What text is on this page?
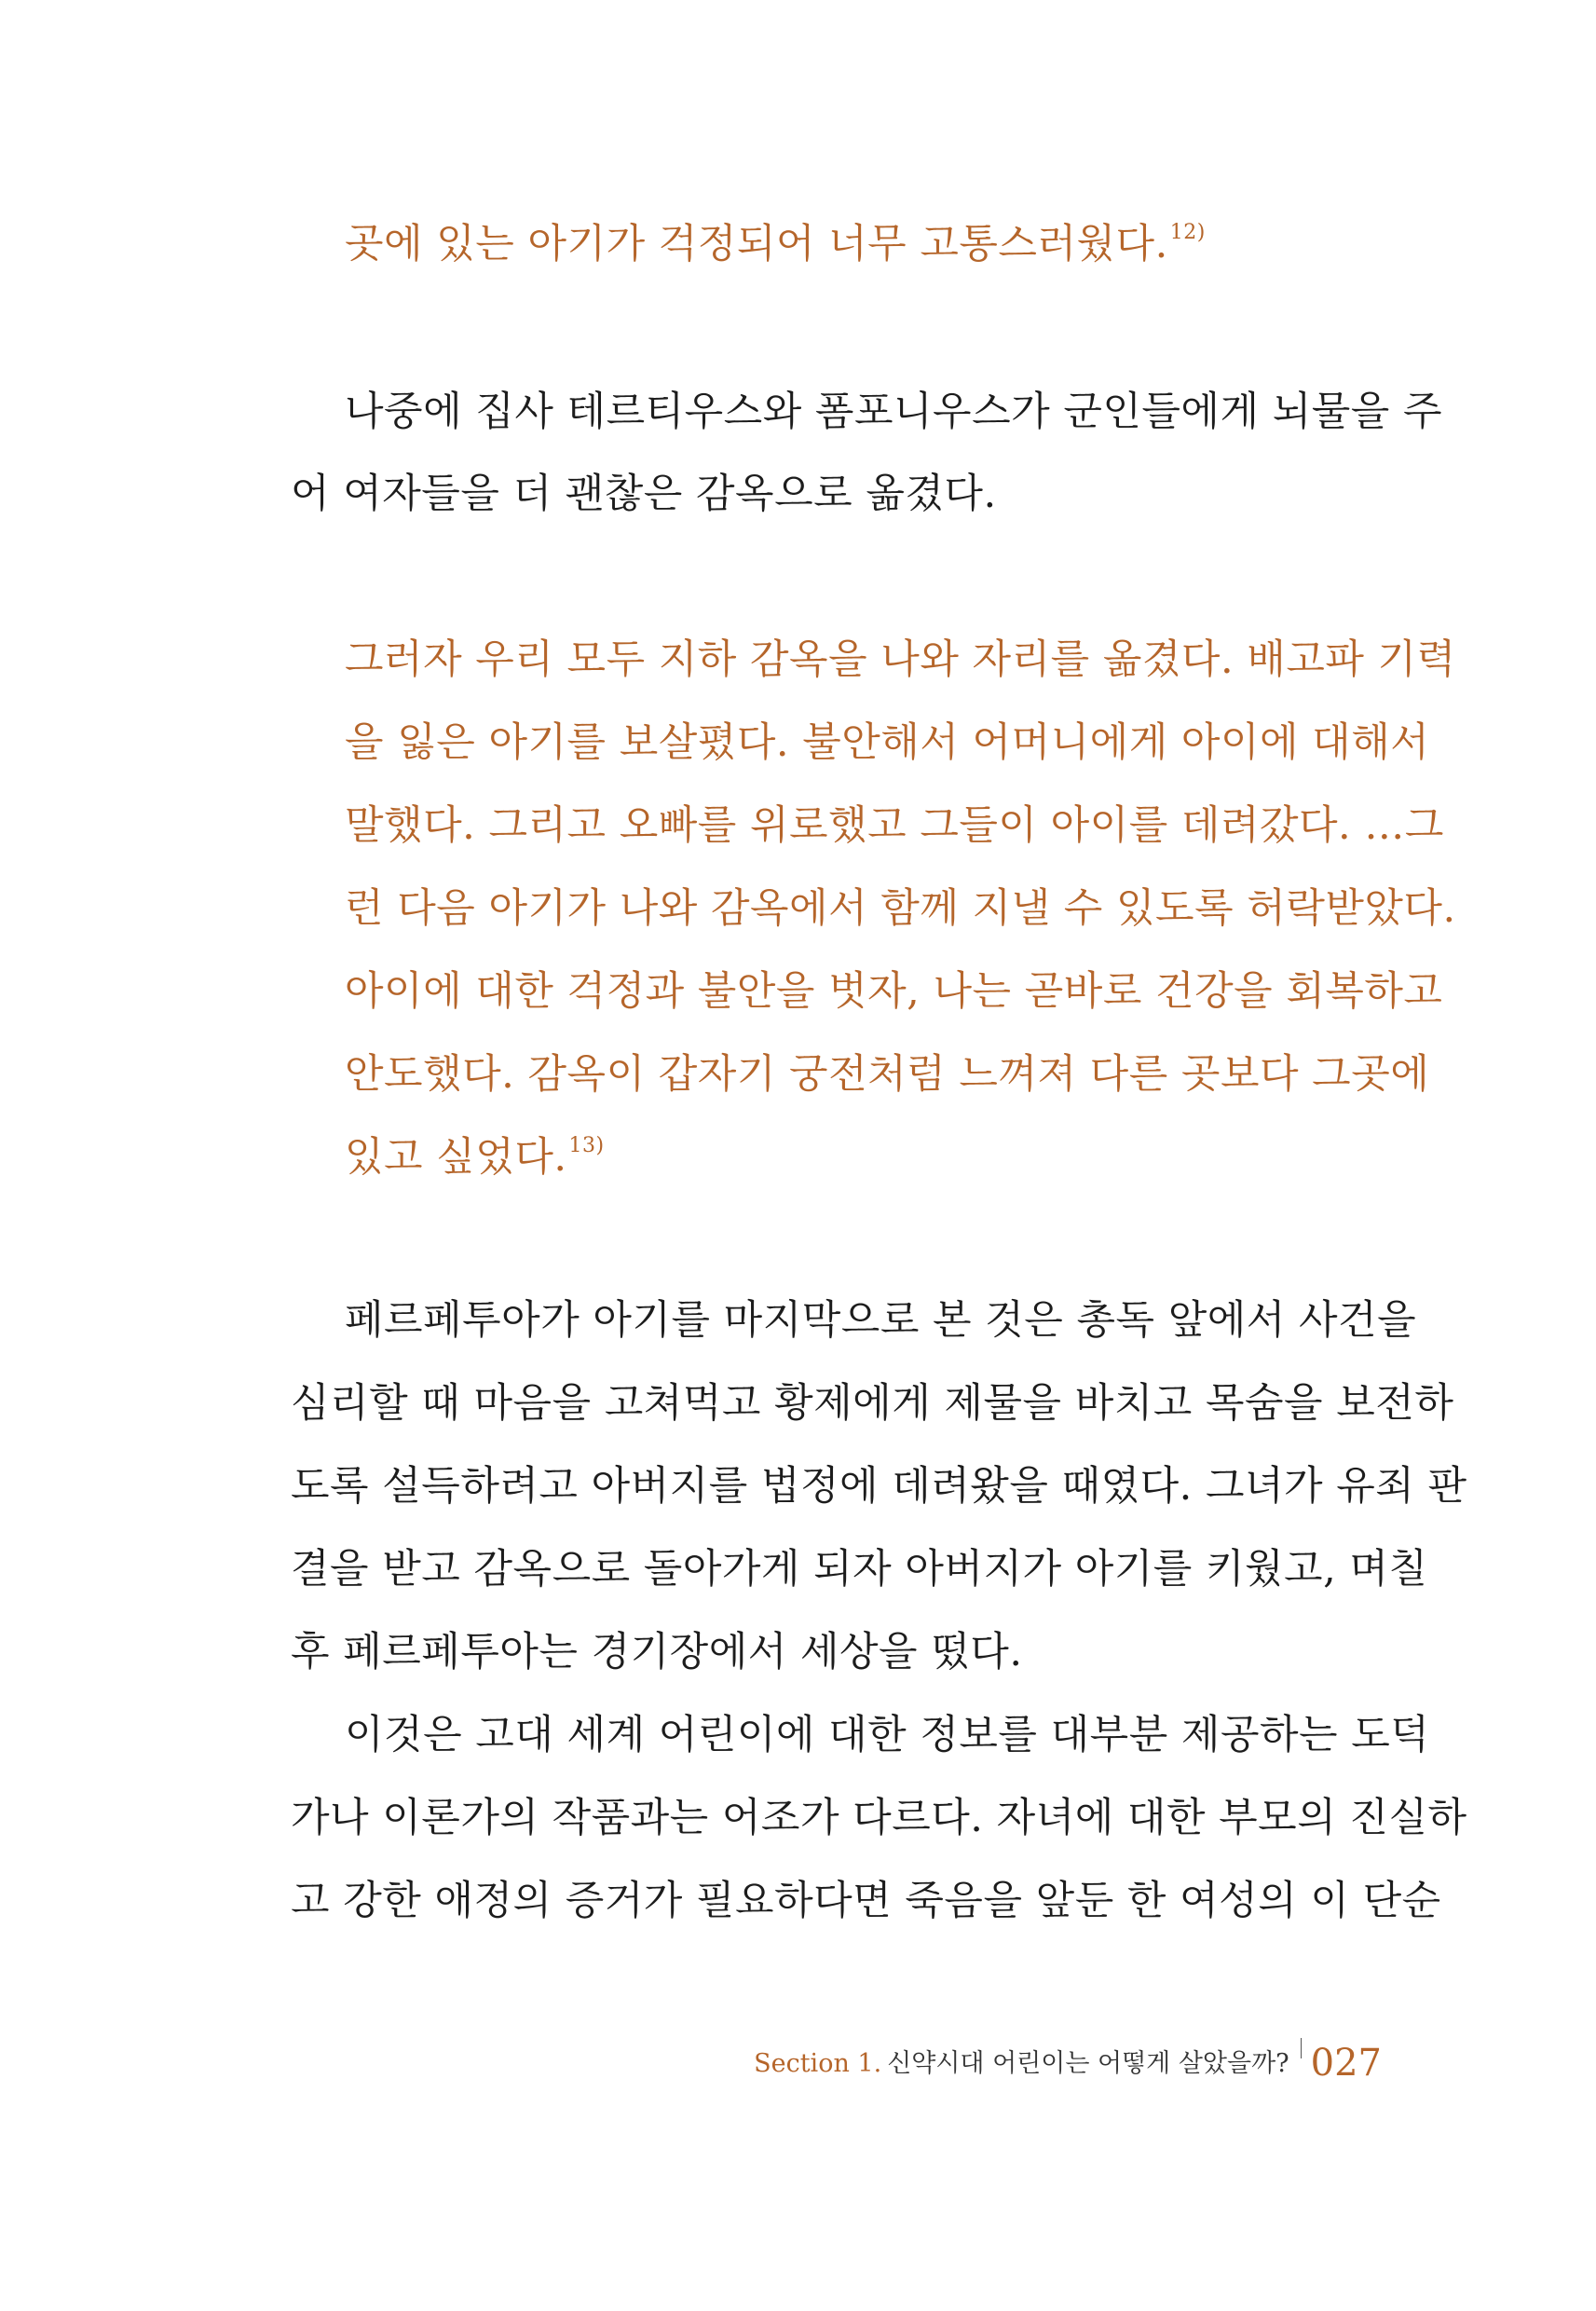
곳에 있는 아기가 걱정되어 너무 고통스러웠다.$^{12)}$
나중에 집사 테르티우스와 폼포니우스가 군인들에게 뇌물을 주
어 여자들을 더 괜찮은 감옥으로 옮겼다.
그러자 우리 모두 지하 감옥을 나와 자리를 옮겼다. 배고파 기력
을 잃은 아기를 보살폈다. 불안해서 어머니에게 아이에 대해서
말했다. 그리고 오빠를 위로했고 그들이 아이를 데려갔다. …그
런 다음 아기가 나와 감옥에서 함께 지낼 수 있도록 허락받았다.
아이에 대한 걱정과 불안을 벗자, 나는 곧바로 건강을 회복하고
안도했다. 감옥이 갑자기 궁전처럼 느껴져 다른 곳보다 그곳에
있고 싶었다.$^{13)}$
페르페투아가 아기를 마지막으로 본 것은 총독 앞에서 사건을
심리할 때 마음을 고쳐먹고 황제에게 제물을 바치고 목숨을 보전하
도록 설득하려고 아버지를 법정에 데려왔을 때였다. 그녀가 유죄 판
결을 받고 감옥으로 돌아가게 되자 아버지가 아기를 키웠고, 며칠
후 페르페투아는 경기장에서 세상을 떴다.
이것은 고대 세계 어린이에 대한 정보를 대부분 제공하는 도덕
가나 이론가의 작품과는 어조가 다르다. 자녀에 대한 부모의 진실하
고 강한 애정의 증거가 필요하다면 죽음을 앞둔 한 여성의 이 단순
Section 1. 신약시대 어린이는 어떻게 살았을까? 027
